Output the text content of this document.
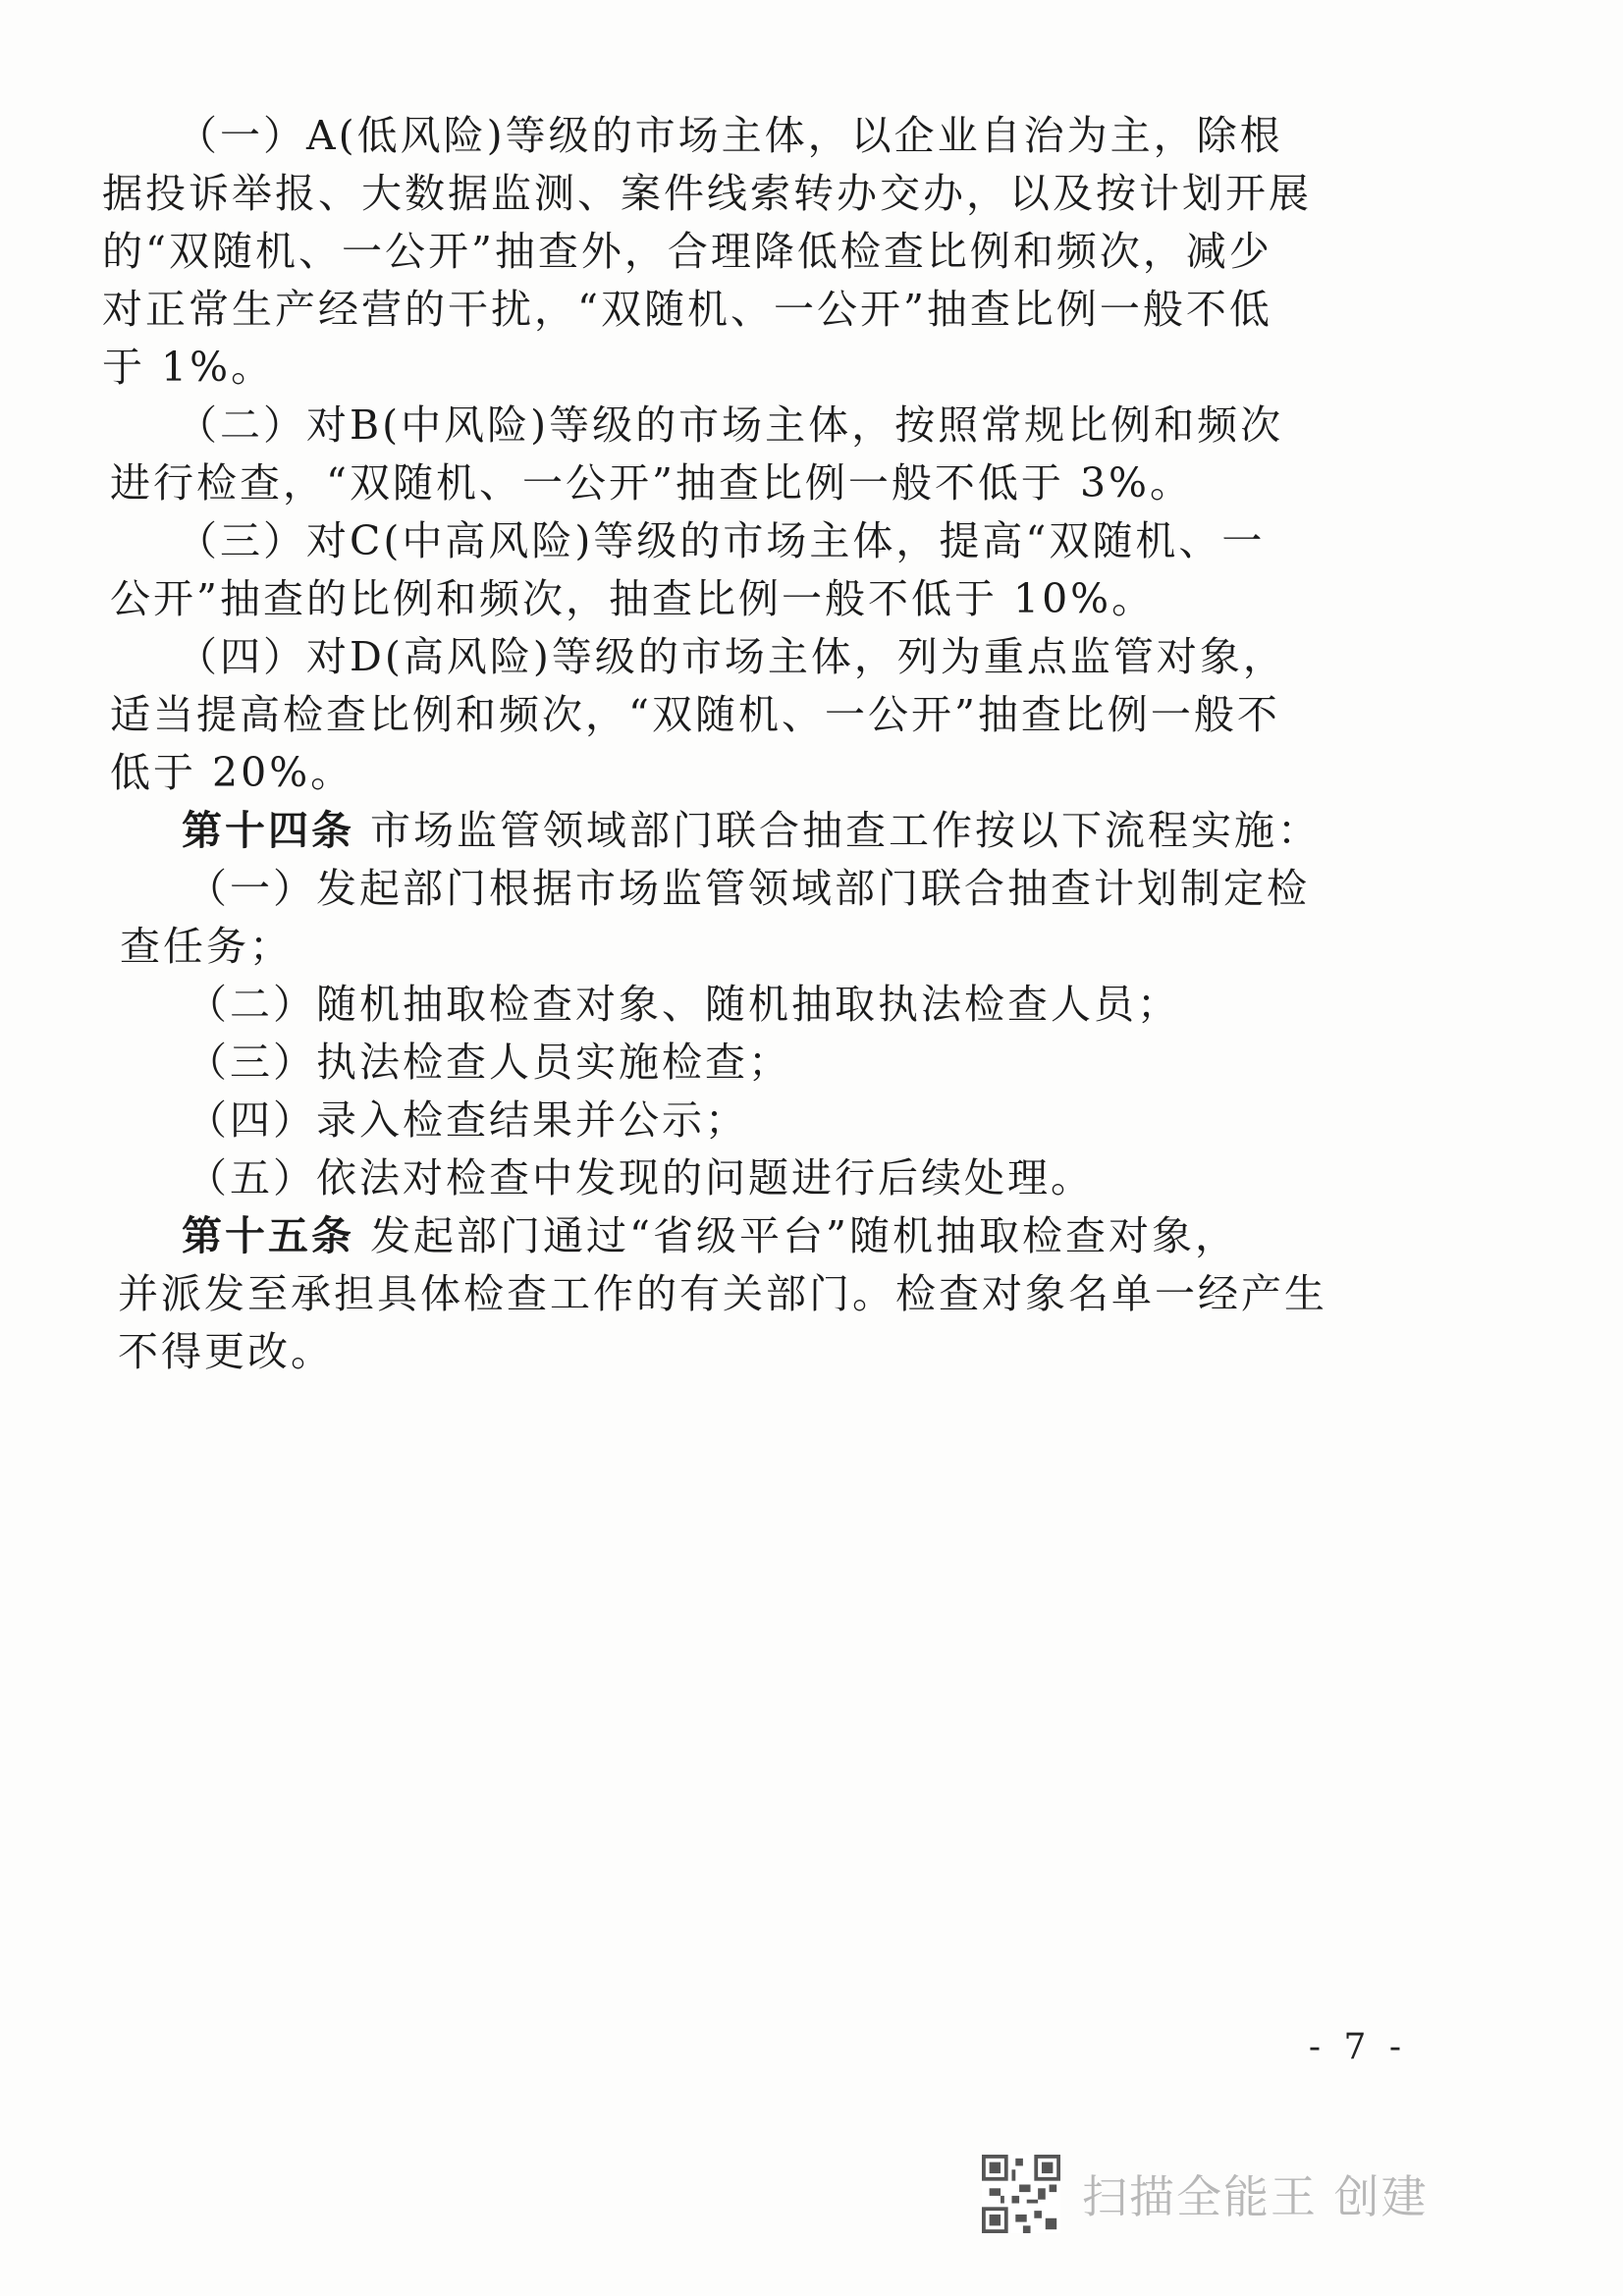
（一）A(低风险)等级的市场主体，以企业自治为主，除根
据投诉举报、大数据监测、案件线索转办交办，以及按计划开展
的“双随机、一公开”抽查外，合理降低检查比例和频次，减少
对正常生产经营的干扰，“双随机、一公开”抽查比例一般不低
于 1%。
（二）对B(中风险)等级的市场主体，按照常规比例和频次
进行检查，“双随机、一公开”抽查比例一般不低于 3%。
（三）对C(中高风险)等级的市场主体，提高“双随机、一
公开”抽查的比例和频次，抽查比例一般不低于 10%。
（四）对D(高风险)等级的市场主体，列为重点监管对象，
适当提高检查比例和频次，“双随机、一公开”抽查比例一般不
低于 20%。
第十四条 市场监管领域部门联合抽查工作按以下流程实施：
（一）发起部门根据市场监管领域部门联合抽查计划制定检
查任务；
（二）随机抽取检查对象、随机抽取执法检查人员；
（三）执法检查人员实施检查；
（四）录入检查结果并公示；
（五）依法对检查中发现的问题进行后续处理。
第十五条 发起部门通过“省级平台”随机抽取检查对象，
并派发至承担具体检查工作的有关部门。检查对象名单一经产生
不得更改。
- 7 -
扫描全能王 创建
